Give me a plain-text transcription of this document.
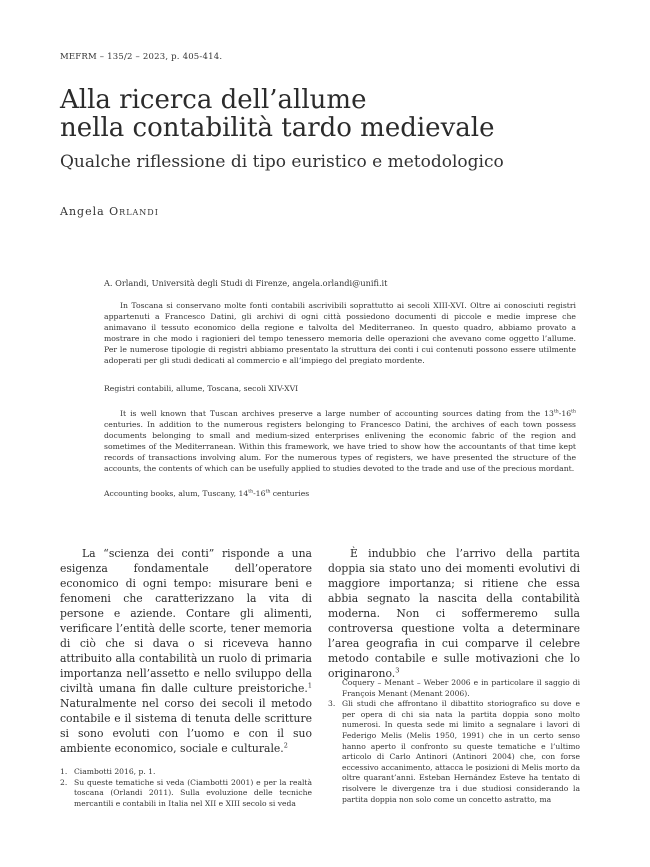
MEFRM – 135/2 – 2023, p. 405-414.
Alla ricerca dell’allume
nella contabilità tardo medievale
Qualche riflessione di tipo euristico e metodologico
Angela Orlandi
A. Orlandi, Università degli Studi di Firenze, angela.orlandi@unifi.it

In Toscana si conservano molte fonti contabili ascrivibili soprattutto ai secoli XIII-XVI. Oltre ai conosciuti registri appartenuti a Francesco Datini, gli archivi di ogni città possiedono documenti di piccole e medie imprese che animavano il tessuto economico della regione e talvolta del Mediterraneo. In questo quadro, abbiamo provato a mostrare in che modo i ragionieri del tempo tenessero memoria delle operazioni che avevano come oggetto l’allume. Per le numerose tipologie di registri abbiamo presentato la struttura dei conti i cui contenuti possono essere utilmente adoperati per gli studi dedicati al commercio e all’impiego del pregiato mordente.

Registri contabili, allume, Toscana, secoli XIV-XVI

It is well known that Tuscan archives preserve a large number of accounting sources dating from the 13th-16th centuries. In addition to the numerous registers belonging to Francesco Datini, the archives of each town possess documents belonging to small and medium-sized enterprises enlivening the economic fabric of the region and sometimes of the Mediterranean. Within this framework, we have tried to show how the accountants of that time kept records of transactions involving alum. For the numerous types of registers, we have presented the structure of the accounts, the contents of which can be usefully applied to studies devoted to the trade and use of the precious mordant.

Accounting books, alum, Tuscany, 14th-16th centuries

La “scienza dei conti” risponde a una esigenza fondamentale dell’operatore economico di ogni tempo: misurare beni e fenomeni che caratterizzano la vita di persone e aziende. Contare gli alimenti, verificare l’entità delle scorte, tener memoria di ciò che si dava o si riceveva hanno attribuito alla contabilità un ruolo di primaria importanza nell’assetto e nello sviluppo della civiltà umana fin dalle culture preistoriche.$^1$ Naturalmente nel corso dei secoli il metodo contabile e il sistema di tenuta delle scritture si sono evoluti con l’uomo e con il suo ambiente economico, sociale e culturale.$^2$

È indubbio che l’arrivo della partita doppia sia stato uno dei momenti evolutivi di maggiore importanza; si ritiene che essa abbia segnato la nascita della contabilità moderna. Non ci soffermeremo sulla controversa questione volta a determinare l’area geografia in cui comparve il celebre metodo contabile e sulle motivazioni che lo originarono.$^3$

1. Ciambotti 2016, p. 1.
2. Su queste tematiche si veda (Ciambotti 2001) e per la realtà toscana (Orlandi 2011). Sulla evoluzione delle tecniche mercantili e contabili in Italia nel XII e XIII secolo si veda
Coquery – Menant – Weber 2006 e in particolare il saggio di François Menant (Menant 2006).
3. Gli studi che affrontano il dibattito storiografico su dove e per opera di chi sia nata la partita doppia sono molto numerosi. In questa sede mi limito a segnalare i lavori di Federigo Melis (Melis 1950, 1991) che in un certo senso hanno aperto il confronto su queste tematiche e l’ultimo articolo di Carlo Antinori (Antinori 2004) che, con forse eccessivo accanimento, attacca le posizioni di Melis morto da oltre quarant’anni. Esteban Hernández Esteve ha tentato di risolvere le divergenze tra i due studiosi considerando la partita doppia non solo come un concetto astratto, ma
